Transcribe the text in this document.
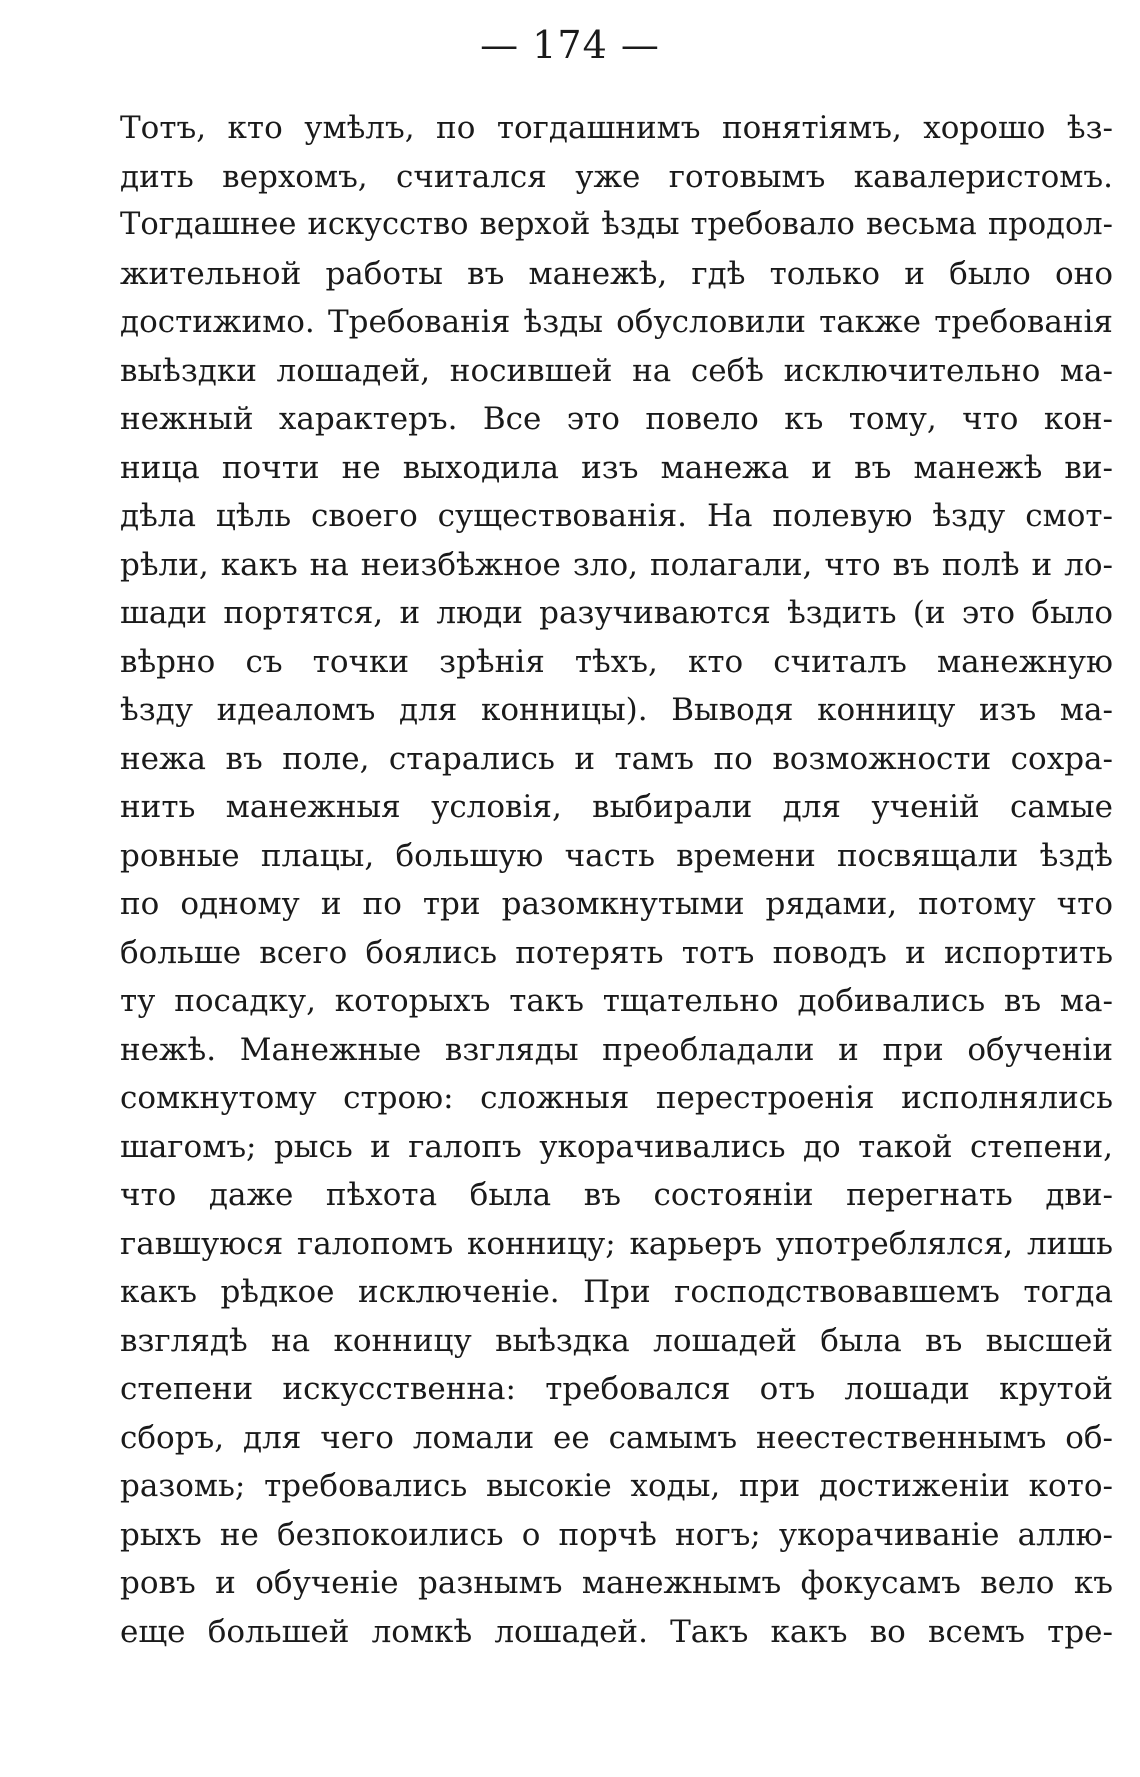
— 174 —
Тотъ, кто умѣлъ, по тогдашнимъ понятіямъ, хорошо ѣз-
дить верхомъ, считался уже готовымъ кавалеристомъ.
Тогдашнее искусство верхой ѣзды требовало весьма продол-
жительной работы въ манежѣ, гдѣ только и было оно
достижимо. Требованія ѣзды обусловили также требованія
выѣздки лошадей, носившей на себѣ исключительно ма-
нежный характеръ. Все это повело къ тому, что кон-
ница почти не выходила изъ манежа и въ манежѣ ви-
дѣла цѣль своего существованія. На полевую ѣзду смот-
рѣли, какъ на неизбѣжное зло, полагали, что въ полѣ и ло-
шади портятся, и люди разучиваются ѣздить (и это было
вѣрно съ точки зрѣнія тѣхъ, кто считалъ манежную
ѣзду идеаломъ для конницы). Выводя конницу изъ ма-
нежа въ поле, старались и тамъ по возможности сохра-
нить манежныя условія, выбирали для ученій самые
ровные плацы, большую часть времени посвящали ѣздѣ
по одному и по три разомкнутыми рядами, потому что
больше всего боялись потерять тотъ поводъ и испортить
ту посадку, которыхъ такъ тщательно добивались въ ма-
нежѣ. Манежные взгляды преобладали и при обученіи
сомкнутому строю: сложныя перестроенія исполнялись
шагомъ; рысь и галопъ укорачивались до такой степени,
что даже пѣхота была въ состояніи перегнать дви-
гавшуюся галопомъ конницу; карьеръ употреблялся, лишь
какъ рѣдкое исключеніе. При господствовавшемъ тогда
взглядѣ на конницу выѣздка лошадей была въ высшей
степени искусственна: требовался отъ лошади крутой
сборъ, для чего ломали ее самымъ неестественнымъ об-
разомь; требовались высокіе ходы, при достиженіи кото-
рыхъ не безпокоились о порчѣ ногъ; укорачиваніе аллю-
ровъ и обученіе разнымъ манежнымъ фокусамъ вело къ
еще большей ломкѣ лошадей. Такъ какъ во всемъ тре-
